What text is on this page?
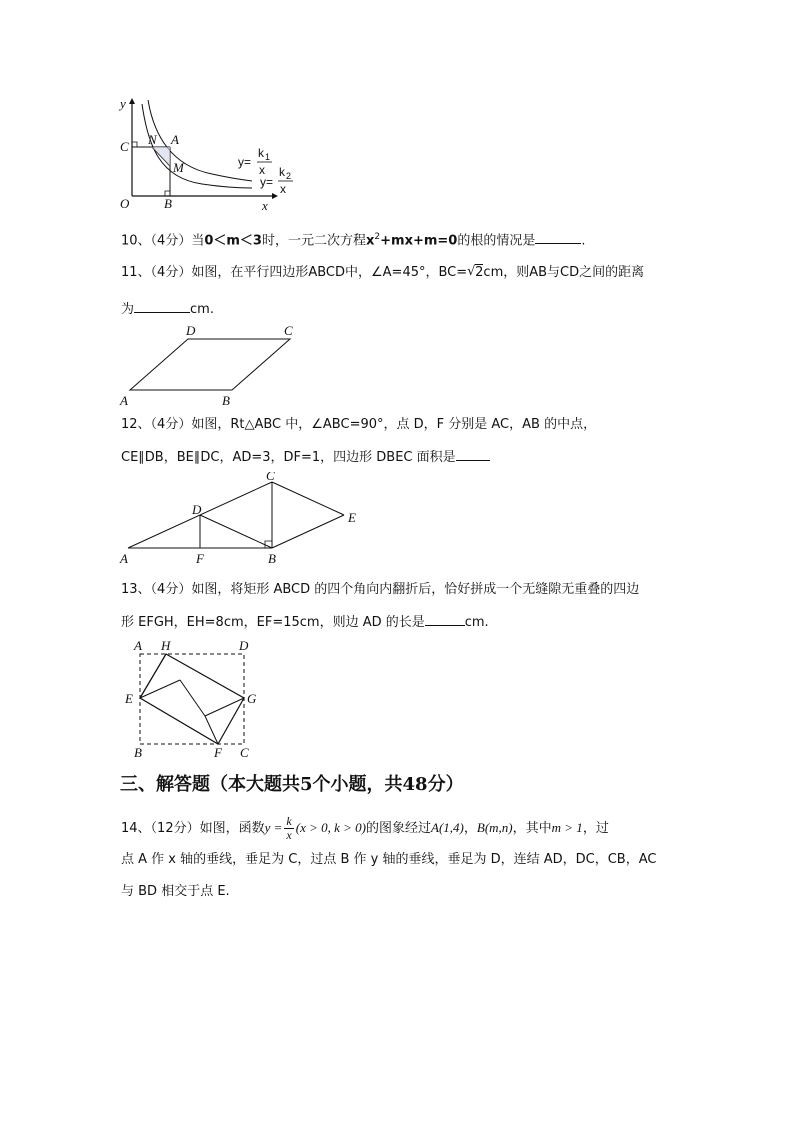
y
x
O
C N A
M
B
y=
k 1
x
y=
k 2
x
10、（4分）当0＜m＜3时，一元二次方程$x^2+mx+m=0$的根的情况是	.
11、（4分）如图，在平行四边形ABCD中，∠A=45°，BC= √ 2cm，则AB与CD之间的距离
为	cm.
A	B
C
D
12、（4分）如图，Rt△ABC 中，∠ABC=90°，点 D，F 分别是 AC，AB 的中点，
CE∥DB，BE∥DC，AD=3，DF=1，四边形 DBEC 面积是
A	B
C
D
E
F
13、（4分）如图，将矩形 ABCD 的四个角向内翻折后，恰好拼成一个无缝隙无重叠的四边
形 EFGH，EH=8cm，EF=15cm，则边 AD 的长是	cm.
A H	D
E	G
B	F C
三、解答题（本大题共5个小题，共48分）
14、（12分）如图，函数$y = \frac{k}{x} (x > 0$, k > 0)的图象经过A(1,4)，B(m,n)，其中m > 1，过
点 A 作 x 轴的垂线，垂足为 C，过点 B 作 y 轴的垂线，垂足为 D，连结 AD，DC，CB，AC
与 BD 相交于点 E.
